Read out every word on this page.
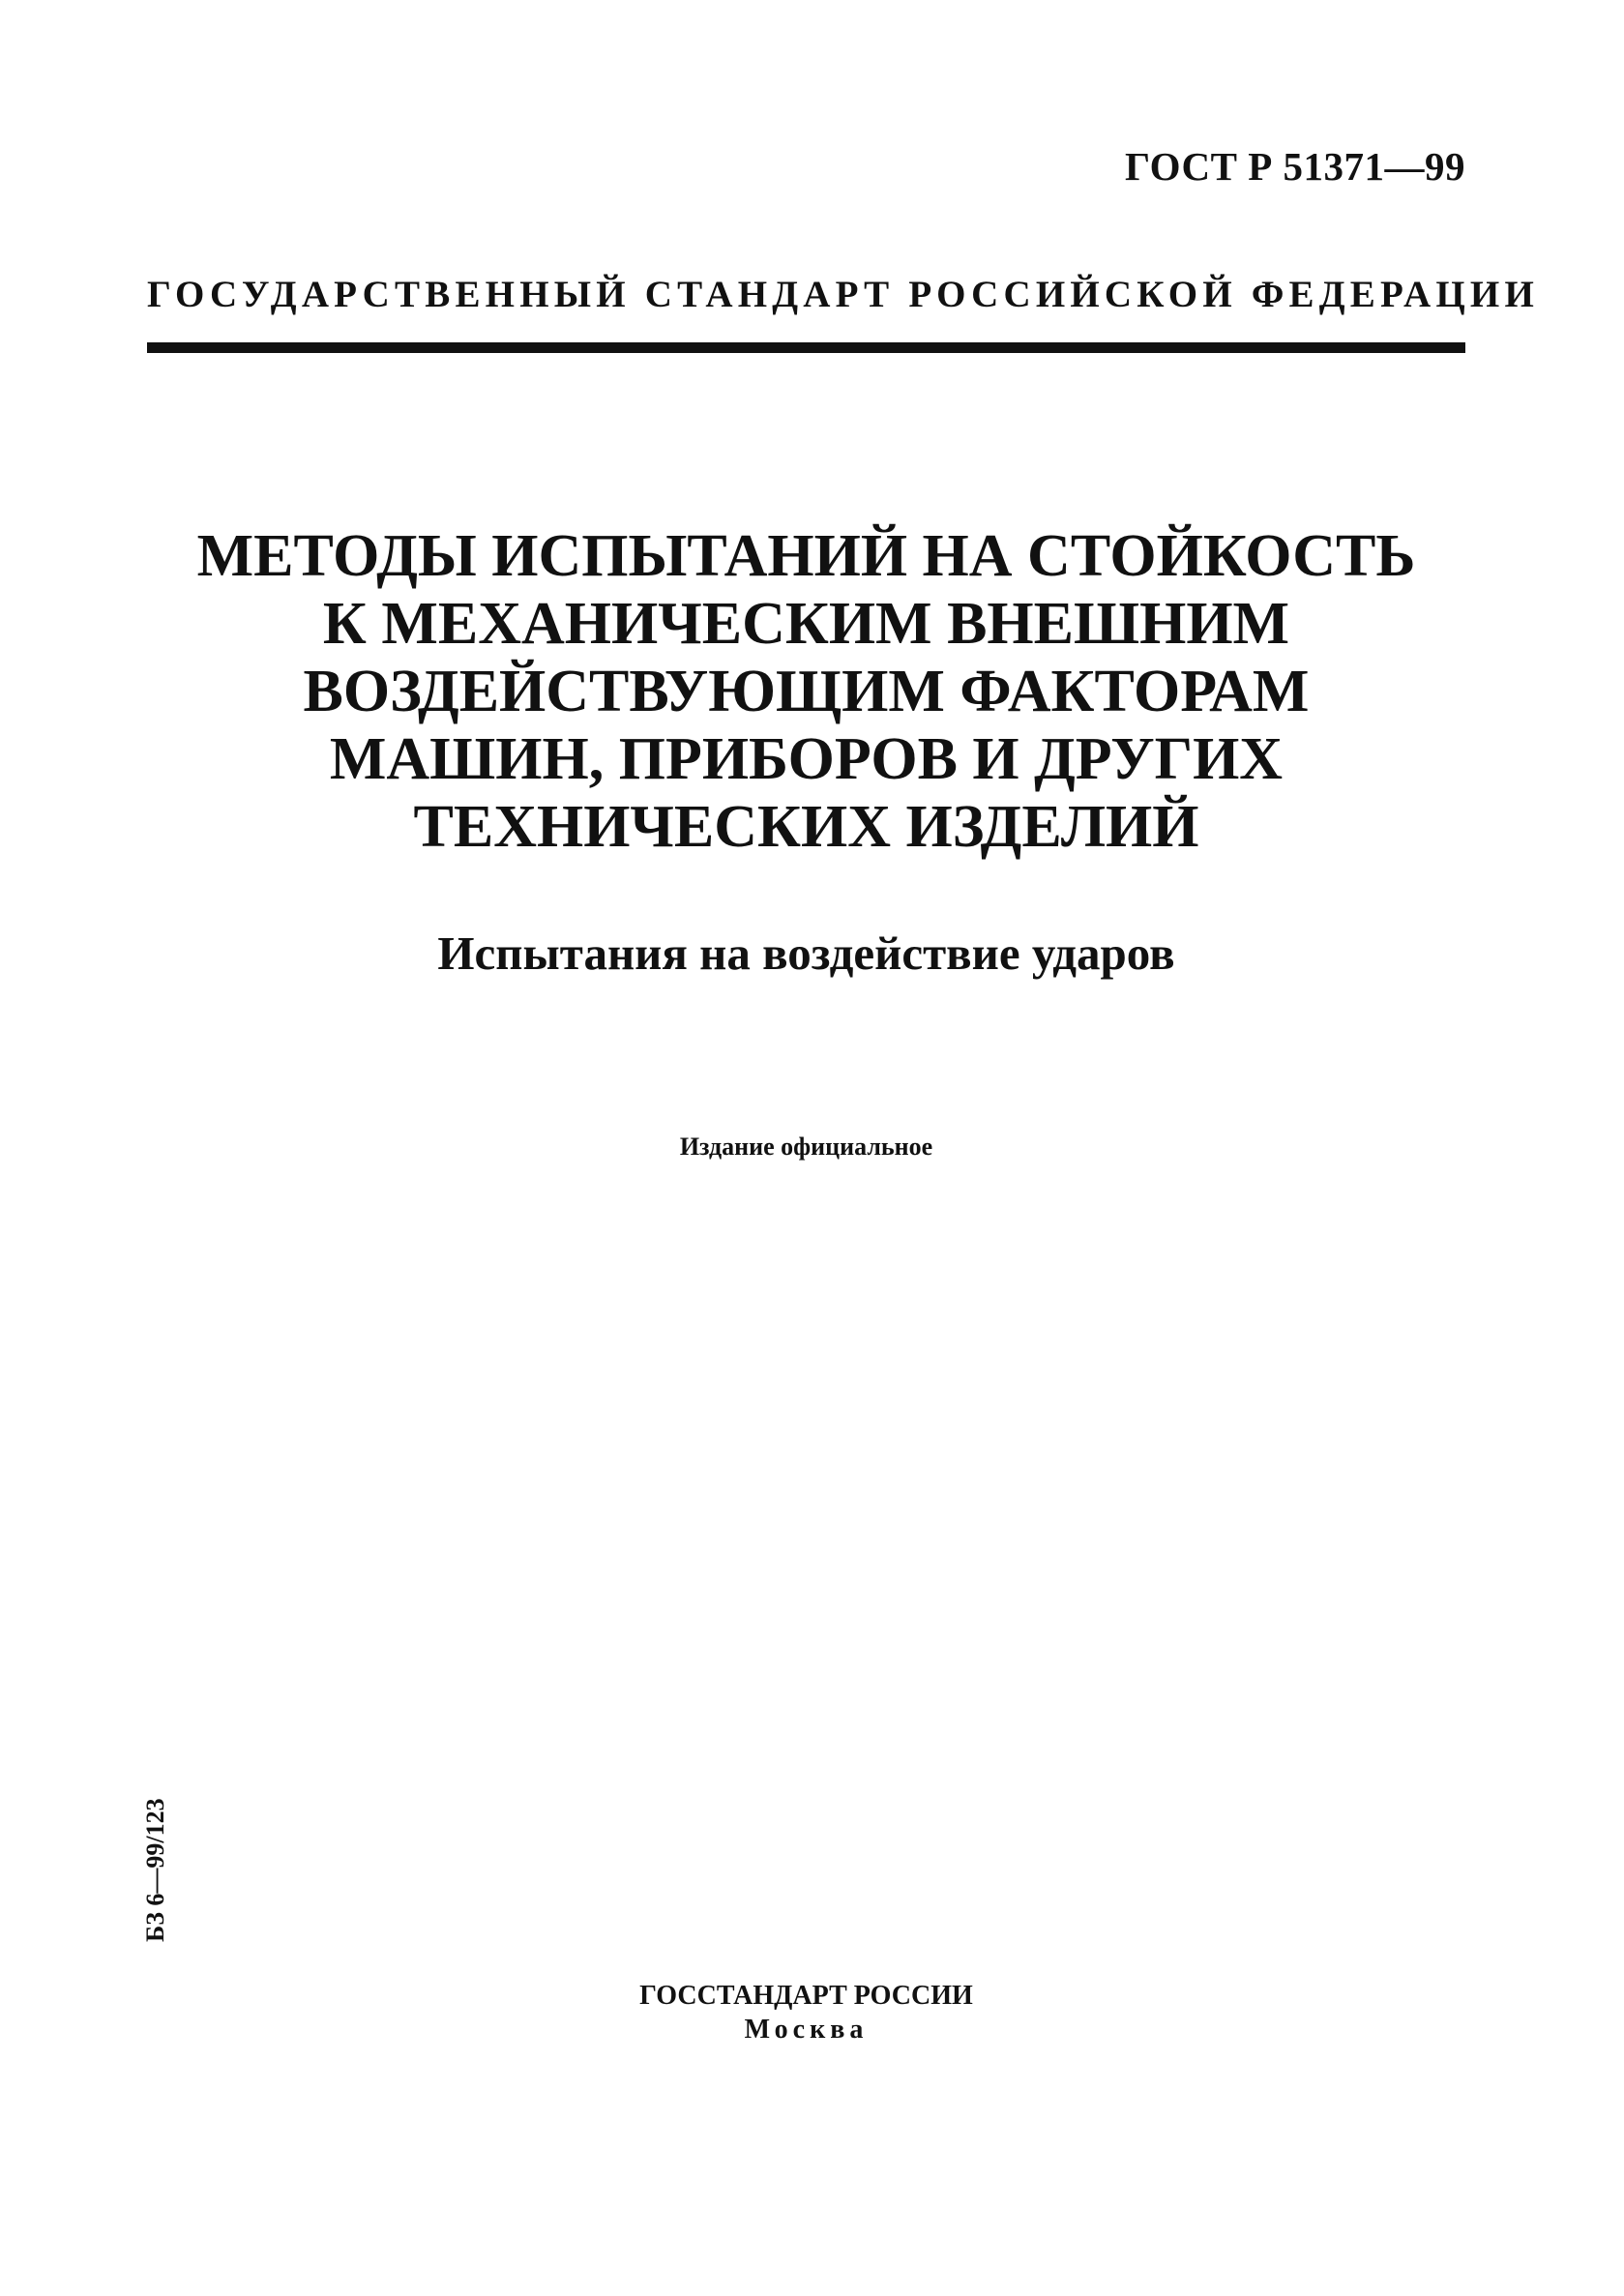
ГОСТ Р 51371—99
ГОСУДАРСТВЕННЫЙ СТАНДАРТ РОССИЙСКОЙ ФЕДЕРАЦИИ
МЕТОДЫ ИСПЫТАНИЙ НА СТОЙКОСТЬ
К МЕХАНИЧЕСКИМ ВНЕШНИМ
ВОЗДЕЙСТВУЮЩИМ ФАКТОРАМ
МАШИН, ПРИБОРОВ И ДРУГИХ
ТЕХНИЧЕСКИХ ИЗДЕЛИЙ
Испытания на воздействие ударов
Издание официальное
БЗ 6—99/123
ГОССТАНДАРТ РОССИИ
Москва
